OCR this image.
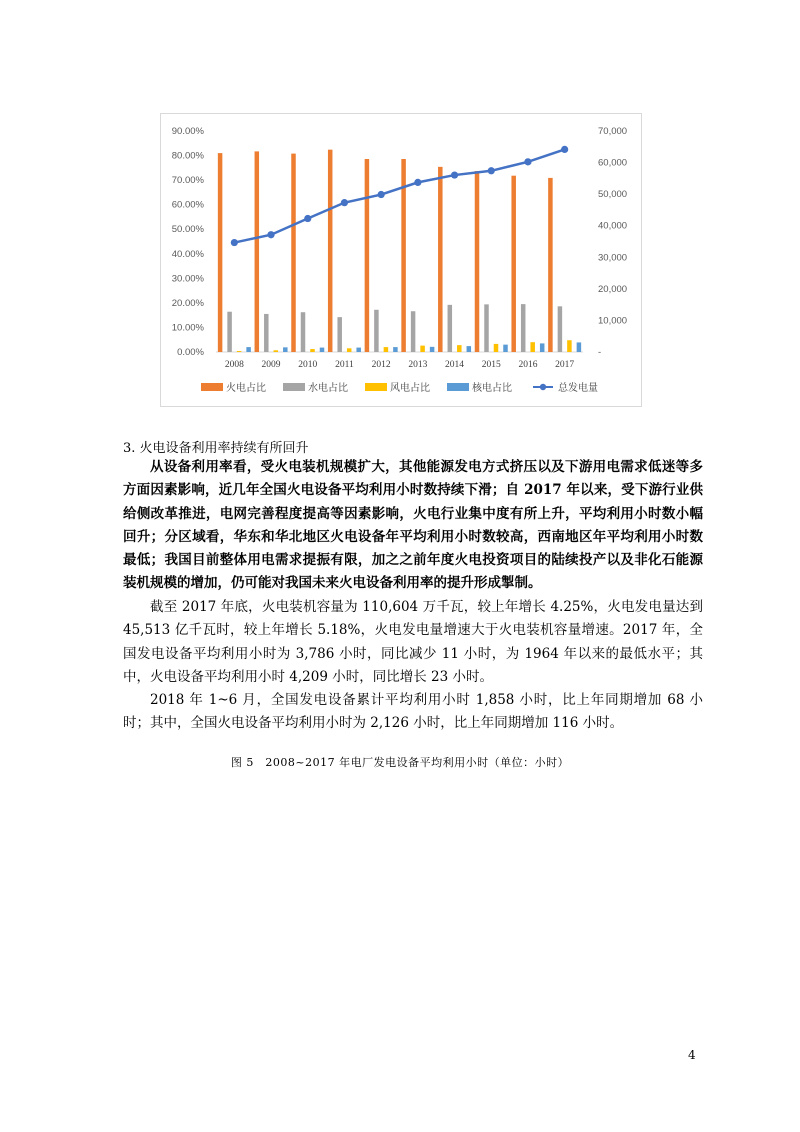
0.00%
10.00%
20.00%
30.00%
40.00%
50.00%
60.00%
70.00%
80.00%
90.00%
-
10,000
20,000
30,000
40,000
50,000
60,000
70,000
2008 2009 2010 2011 2012 2013 2014 2015 2016 2017
火电占比	水电占比	风电占比	核电占比	总发电量
3. 火电设备利用率持续有所回升

从设备利用率看，受火电装机规模扩大，其他能源发电方式挤压以及下游用电需求低迷等多方面因素影响，近几年全国火电设备平均利用小时数持续下滑；自 2017 年以来，受下游行业供给侧改革推进，电网完善程度提高等因素影响，火电行业集中度有所上升，平均利用小时数小幅回升；分区域看，华东和华北地区火电设备年平均利用小时数较高，西南地区年平均利用小时数最低；我国目前整体用电需求提振有限，加之之前年度火电投资项目的陆续投产以及非化石能源装机规模的增加，仍可能对我国未来火电设备利用率的提升形成掣制。

截至 2017 年底，火电装机容量为 110,604 万千瓦，较上年增长 4.25%，火电发电量达到 45,513 亿千瓦时，较上年增长 5.18%，火电发电量增速大于火电装机容量增速。2017 年，全国发电设备平均利用小时为 3,786 小时，同比减少 11 小时，为 1964 年以来的最低水平；其中，火电设备平均利用小时 4,209 小时，同比增长 23 小时。

2018 年 1~6 月，全国发电设备累计平均利用小时 1,858 小时，比上年同期增加 68 小时；其中，全国火电设备平均利用小时为 2,126 小时，比上年同期增加 116 小时。

图 5　2008~2017 年电厂发电设备平均利用小时（单位：小时）
4
